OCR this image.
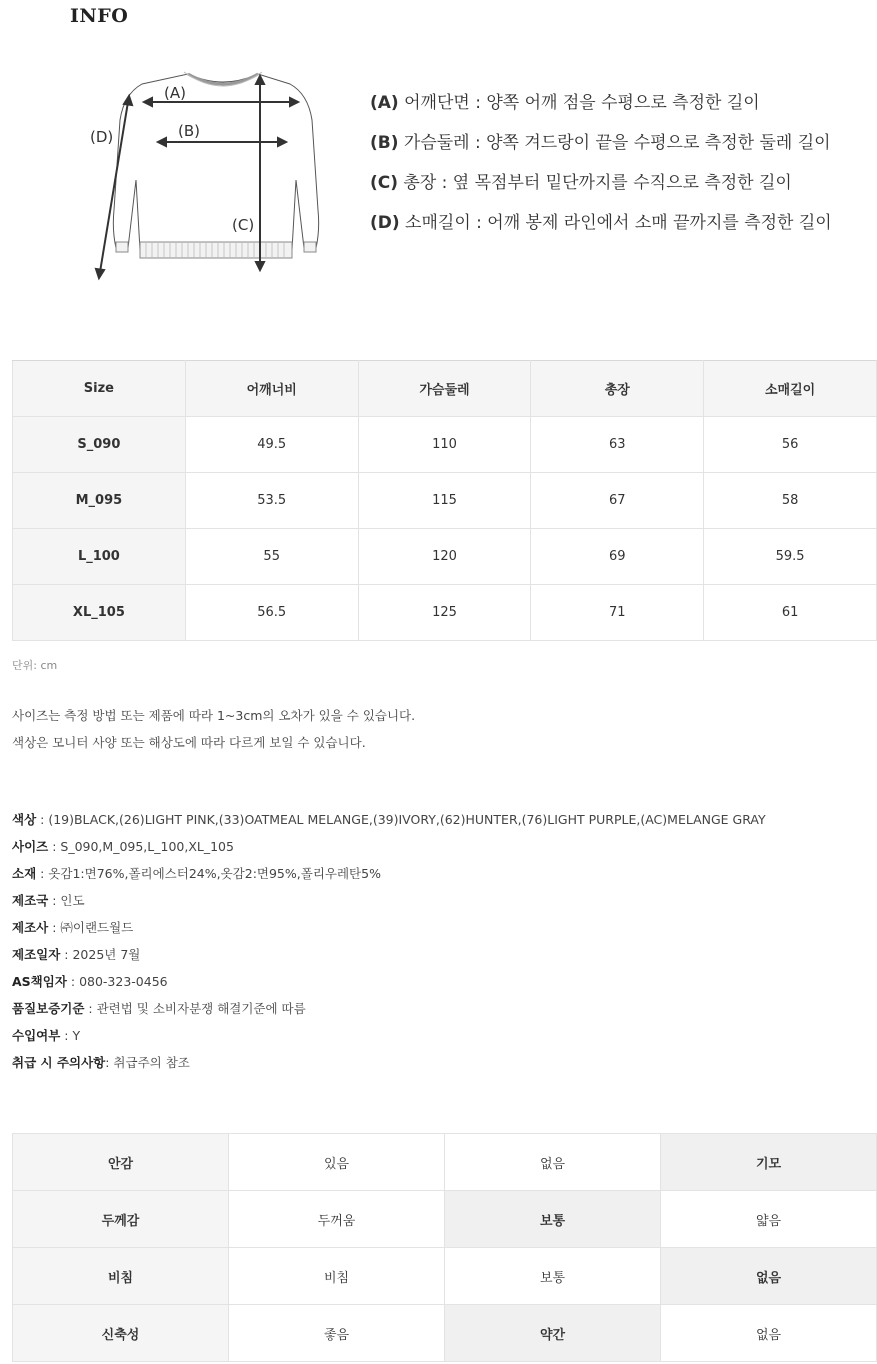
INFO
(A)
(B)
(C)
(D)
(A) 어깨단면 : 양쪽 어깨 점을 수평으로 측정한 길이
(B) 가슴둘레 : 양쪽 겨드랑이 끝을 수평으로 측정한 둘레 길이
(C) 총장 : 옆 목점부터 밑단까지를 수직으로 측정한 길이
(D) 소매길이 : 어깨 봉제 라인에서 소매 끝까지를 측정한 길이
Size	어깨너비	가슴둘레	총장	소매길이
S_090	49.5	110	63	56
M_095	53.5	115	67	58
L_100	55	120	69	59.5
XL_105	56.5	125	71	61
단위: cm
사이즈는 측정 방법 또는 제품에 따라 1~3cm의 오차가 있을 수 있습니다.
색상은 모니터 사양 또는 해상도에 따라 다르게 보일 수 있습니다.
색상 : (19)BLACK,(26)LIGHT PINK,(33)OATMEAL MELANGE,(39)IVORY,(62)HUNTER,(76)LIGHT PURPLE,(AC)MELANGE GRAY
사이즈 : S_090,M_095,L_100,XL_105
소재 : 옷감1:면76%,폴리에스터24%,옷감2:면95%,폴리우레탄5%
제조국 : 인도
제조사 : ㈜이랜드월드
제조일자 : 2025년 7월
AS책임자 : 080-323-0456
품질보증기준 : 관련법 및 소비자분쟁 해결기준에 따름
수입여부 : Y
취급 시 주의사항: 취급주의 참조
안감	있음	없음	기모
두께감	두꺼움	보통	얇음
비침	비침	보통	없음
신축성	좋음	약간	없음
